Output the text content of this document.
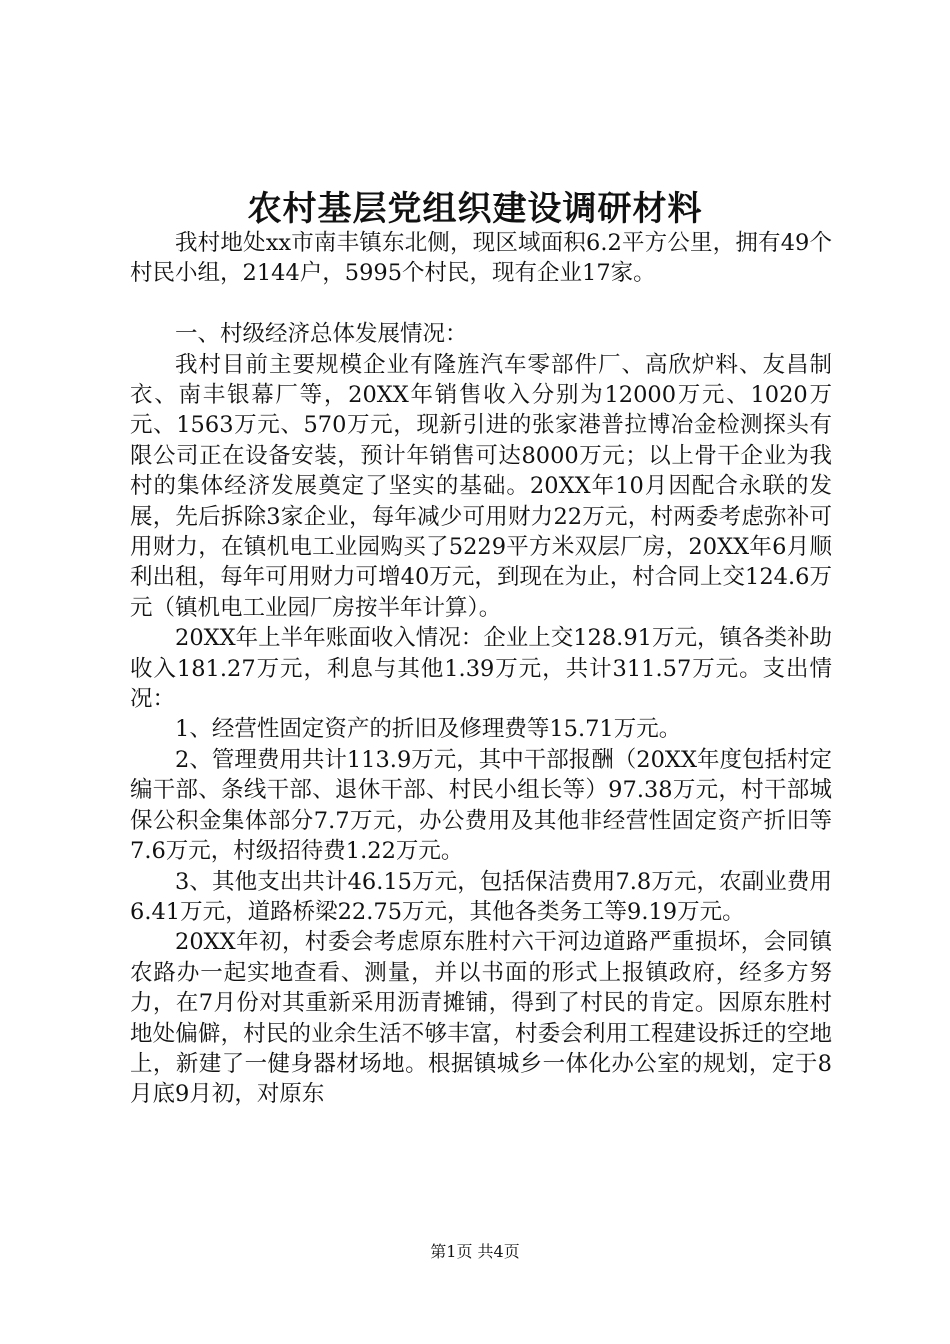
农村基层党组织建设调研材料

我村地处xx市南丰镇东北侧，现区域面积6.2平方公里，拥有49个村民小组，2144户，5995个村民，现有企业17家。

一、村级经济总体发展情况：

我村目前主要规模企业有隆旌汽车零部件厂、高欣炉料、友昌制衣、南丰银幕厂等，20XX年销售收入分别为12000万元、1020万元、1563万元、570万元，现新引进的张家港普拉博冶金检测探头有限公司正在设备安装，预计年销售可达8000万元；以上骨干企业为我村的集体经济发展奠定了坚实的基础。20XX年10月因配合永联的发展，先后拆除3家企业，每年减少可用财力22万元，村两委考虑弥补可用财力，在镇机电工业园购买了5229平方米双层厂房，20XX年6月顺利出租，每年可用财力可增40万元，到现在为止，村合同上交124.6万元（镇机电工业园厂房按半年计算）。

20XX年上半年账面收入情况：企业上交128.91万元，镇各类补助收入181.27万元，利息与其他1.39万元，共计311.57万元。支出情况：

1、经营性固定资产的折旧及修理费等15.71万元。

2、管理费用共计113.9万元，其中干部报酬（20XX年度包括村定编干部、条线干部、退休干部、村民小组长等）97.38万元，村干部城保公积金集体部分7.7万元，办公费用及其他非经营性固定资产折旧等7.6万元，村级招待费1.22万元。

3、其他支出共计46.15万元，包括保洁费用7.8万元，农副业费用6.41万元，道路桥梁22.75万元，其他各类务工等9.19万元。

20XX年初，村委会考虑原东胜村六干河边道路严重损坏，会同镇农路办一起实地查看、测量，并以书面的形式上报镇政府，经多方努力，在7月份对其重新采用沥青摊铺，得到了村民的肯定。因原东胜村地处偏僻，村民的业余生活不够丰富，村委会利用工程建设拆迁的空地上，新建了一健身器材场地。根据镇城乡一体化办公室的规划，定于8月底9月初，对原东

第1页 共4页
